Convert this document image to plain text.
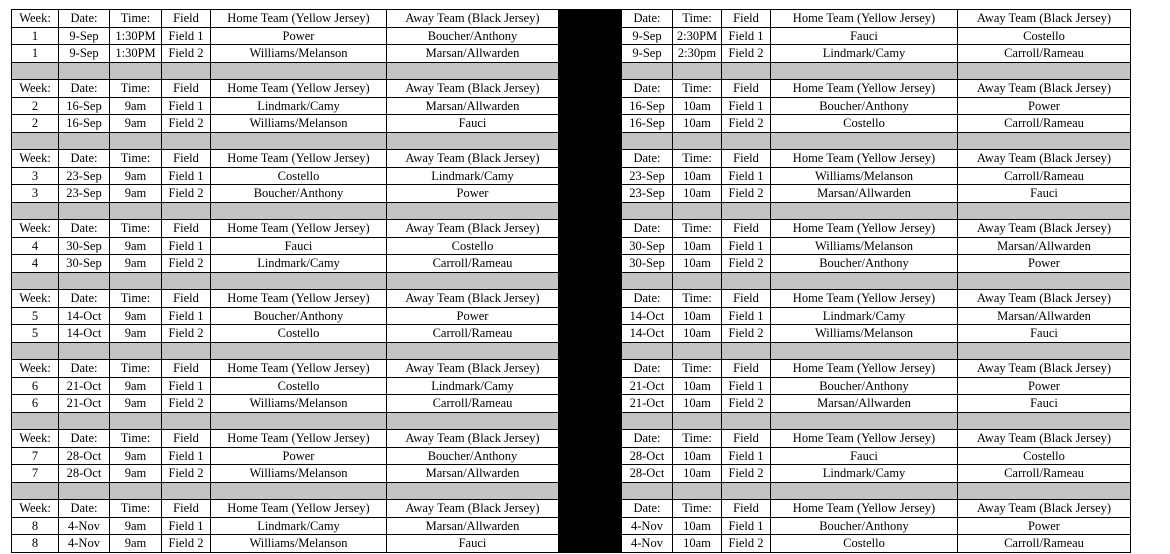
Week:	Date:	Time:	Field	Home Team (Yellow Jersey)	Away Team (Black Jersey)		Date:	Time:	Field	Home Team (Yellow Jersey)	Away Team (Black Jersey)
1	9-Sep	1:30PM	Field 1	Power	Boucher/Anthony		9-Sep	2:30PM	Field 1	Fauci	Costello
1	9-Sep	1:30PM	Field 2	Williams/Melanson	Marsan/Allwarden		9-Sep	2:30pm	Field 2	Lindmark/Camy	Carroll/Rameau

Week:	Date:	Time:	Field	Home Team (Yellow Jersey)	Away Team (Black Jersey)		Date:	Time:	Field	Home Team (Yellow Jersey)	Away Team (Black Jersey)
2	16-Sep	9am	Field 1	Lindmark/Camy	Marsan/Allwarden		16-Sep	10am	Field 1	Boucher/Anthony	Power
2	16-Sep	9am	Field 2	Williams/Melanson	Fauci		16-Sep	10am	Field 2	Costello	Carroll/Rameau

Week:	Date:	Time:	Field	Home Team (Yellow Jersey)	Away Team (Black Jersey)		Date:	Time:	Field	Home Team (Yellow Jersey)	Away Team (Black Jersey)
3	23-Sep	9am	Field 1	Costello	Lindmark/Camy		23-Sep	10am	Field 1	Williams/Melanson	Carroll/Rameau
3	23-Sep	9am	Field 2	Boucher/Anthony	Power		23-Sep	10am	Field 2	Marsan/Allwarden	Fauci

Week:	Date:	Time:	Field	Home Team (Yellow Jersey)	Away Team (Black Jersey)		Date:	Time:	Field	Home Team (Yellow Jersey)	Away Team (Black Jersey)
4	30-Sep	9am	Field 1	Fauci	Costello		30-Sep	10am	Field 1	Williams/Melanson	Marsan/Allwarden
4	30-Sep	9am	Field 2	Lindmark/Camy	Carroll/Rameau		30-Sep	10am	Field 2	Boucher/Anthony	Power

Week:	Date:	Time:	Field	Home Team (Yellow Jersey)	Away Team (Black Jersey)		Date:	Time:	Field	Home Team (Yellow Jersey)	Away Team (Black Jersey)
5	14-Oct	9am	Field 1	Boucher/Anthony	Power		14-Oct	10am	Field 1	Lindmark/Camy	Marsan/Allwarden
5	14-Oct	9am	Field 2	Costello	Carroll/Rameau		14-Oct	10am	Field 2	Williams/Melanson	Fauci

Week:	Date:	Time:	Field	Home Team (Yellow Jersey)	Away Team (Black Jersey)		Date:	Time:	Field	Home Team (Yellow Jersey)	Away Team (Black Jersey)
6	21-Oct	9am	Field 1	Costello	Lindmark/Camy		21-Oct	10am	Field 1	Boucher/Anthony	Power
6	21-Oct	9am	Field 2	Williams/Melanson	Carroll/Rameau		21-Oct	10am	Field 2	Marsan/Allwarden	Fauci

Week:	Date:	Time:	Field	Home Team (Yellow Jersey)	Away Team (Black Jersey)		Date:	Time:	Field	Home Team (Yellow Jersey)	Away Team (Black Jersey)
7	28-Oct	9am	Field 1	Power	Boucher/Anthony		28-Oct	10am	Field 1	Fauci	Costello
7	28-Oct	9am	Field 2	Williams/Melanson	Marsan/Allwarden		28-Oct	10am	Field 2	Lindmark/Camy	Carroll/Rameau

Week:	Date:	Time:	Field	Home Team (Yellow Jersey)	Away Team (Black Jersey)		Date:	Time:	Field	Home Team (Yellow Jersey)	Away Team (Black Jersey)
8	4-Nov	9am	Field 1	Lindmark/Camy	Marsan/Allwarden		4-Nov	10am	Field 1	Boucher/Anthony	Power
8	4-Nov	9am	Field 2	Williams/Melanson	Fauci		4-Nov	10am	Field 2	Costello	Carroll/Rameau
